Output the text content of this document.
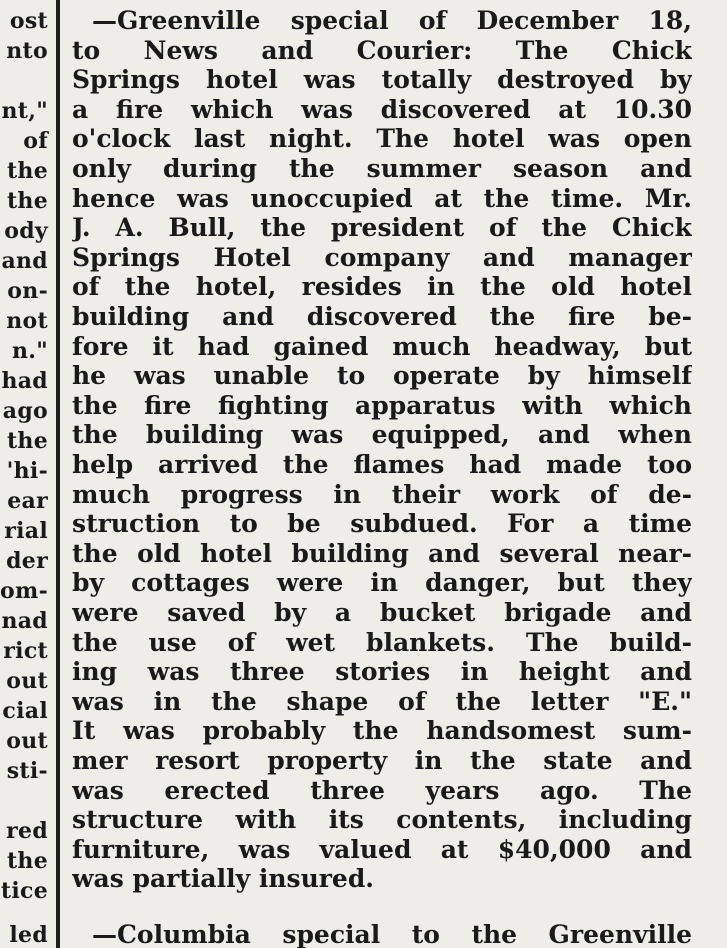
ost
nto
nt,"
of
the
the
ody
and
on-
not
n."
had
ago
the
'hi-
ear
rial
der
om-
nad
rict
out
cial
out
sti-
red
the
tice
led
—Greenville special of December 18,
to News and Courier: The Chick
Springs hotel was totally destroyed by
a fire which was discovered at 10.30
o'clock last night. The hotel was open
only during the summer season and
hence was unoccupied at the time. Mr.
J. A. Bull, the president of the Chick
Springs Hotel company and manager
of the hotel, resides in the old hotel
building and discovered the fire be-
fore it had gained much headway, but
he was unable to operate by himself
the fire fighting apparatus with which
the building was equipped, and when
help arrived the flames had made too
much progress in their work of de-
struction to be subdued. For a time
the old hotel building and several near-
by cottages were in danger, but they
were saved by a bucket brigade and
the use of wet blankets. The build-
ing was three stories in height and
was in the shape of the letter "E."
It was probably the handsomest sum-
mer resort property in the state and
was erected three years ago. The
structure with its contents, including
furniture, was valued at $40,000 and
was partially insured.
—Columbia special to the Greenville
